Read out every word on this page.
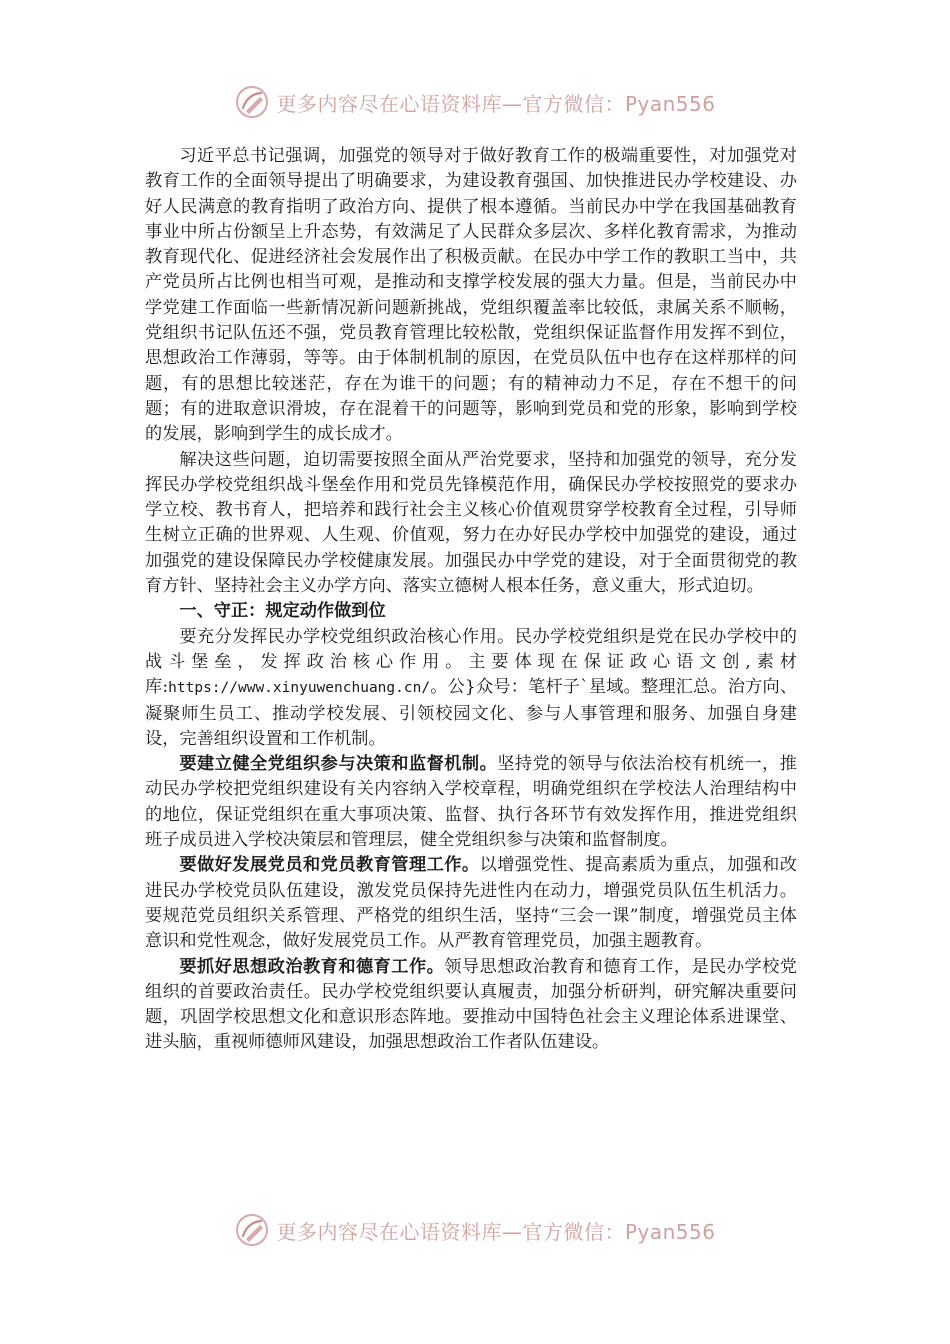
更多内容尽在心语资料库—官方微信：Pyan556

习近平总书记强调，加强党的领导对于做好教育工作的极端重要性，对加强党对教育工作的全面领导提出了明确要求，为建设教育强国、加快推进民办学校建设、办好人民满意的教育指明了政治方向、提供了根本遵循。当前民办中学在我国基础教育事业中所占份额呈上升态势，有效满足了人民群众多层次、多样化教育需求，为推动教育现代化、促进经济社会发展作出了积极贡献。在民办中学工作的教职工当中，共产党员所占比例也相当可观，是推动和支撑学校发展的强大力量。但是，当前民办中学党建工作面临一些新情况新问题新挑战，党组织覆盖率比较低，隶属关系不顺畅，党组织书记队伍还不强，党员教育管理比较松散，党组织保证监督作用发挥不到位，思想政治工作薄弱，等等。由于体制机制的原因，在党员队伍中也存在这样那样的问题，有的思想比较迷茫，存在为谁干的问题；有的精神动力不足，存在不想干的问题；有的进取意识滑坡，存在混着干的问题等，影响到党员和党的形象，影响到学校的发展，影响到学生的成长成才。

解决这些问题，迫切需要按照全面从严治党要求，坚持和加强党的领导，充分发挥民办学校党组织战斗堡垒作用和党员先锋模范作用，确保民办学校按照党的要求办学立校、教书育人，把培养和践行社会主义核心价值观贯穿学校教育全过程，引导师生树立正确的世界观、人生观、价值观，努力在办好民办学校中加强党的建设，通过加强党的建设保障民办学校健康发展。加强民办中学党的建设，对于全面贯彻党的教育方针、坚持社会主义办学方向、落实立德树人根本任务，意义重大，形式迫切。

一、守正：规定动作做到位

要充分发挥民办学校党组织政治核心作用。民办学校党组织是党在民办学校中的战斗堡垒，发挥政治核心作用。主要体现在保证政心语文创,素材库:https://www.xinyuwenchuang.cn/。公}众号：笔杆子`星域。整理汇总。治方向、凝聚师生员工、推动学校发展、引领校园文化、参与人事管理和服务、加强自身建设，完善组织设置和工作机制。

要建立健全党组织参与决策和监督机制。坚持党的领导与依法治校有机统一，推动民办学校把党组织建设有关内容纳入学校章程，明确党组织在学校法人治理结构中的地位，保证党组织在重大事项决策、监督、执行各环节有效发挥作用，推进党组织班子成员进入学校决策层和管理层，健全党组织参与决策和监督制度。

要做好发展党员和党员教育管理工作。以增强党性、提高素质为重点，加强和改进民办学校党员队伍建设，激发党员保持先进性内在动力，增强党员队伍生机活力。要规范党员组织关系管理、严格党的组织生活，坚持“三会一课”制度，增强党员主体意识和党性观念，做好发展党员工作。从严教育管理党员，加强主题教育。

要抓好思想政治教育和德育工作。领导思想政治教育和德育工作，是民办学校党组织的首要政治责任。民办学校党组织要认真履责，加强分析研判，研究解决重要问题，巩固学校思想文化和意识形态阵地。要推动中国特色社会主义理论体系进课堂、进头脑，重视师德师风建设，加强思想政治工作者队伍建设。

更多内容尽在心语资料库—官方微信：Pyan556
